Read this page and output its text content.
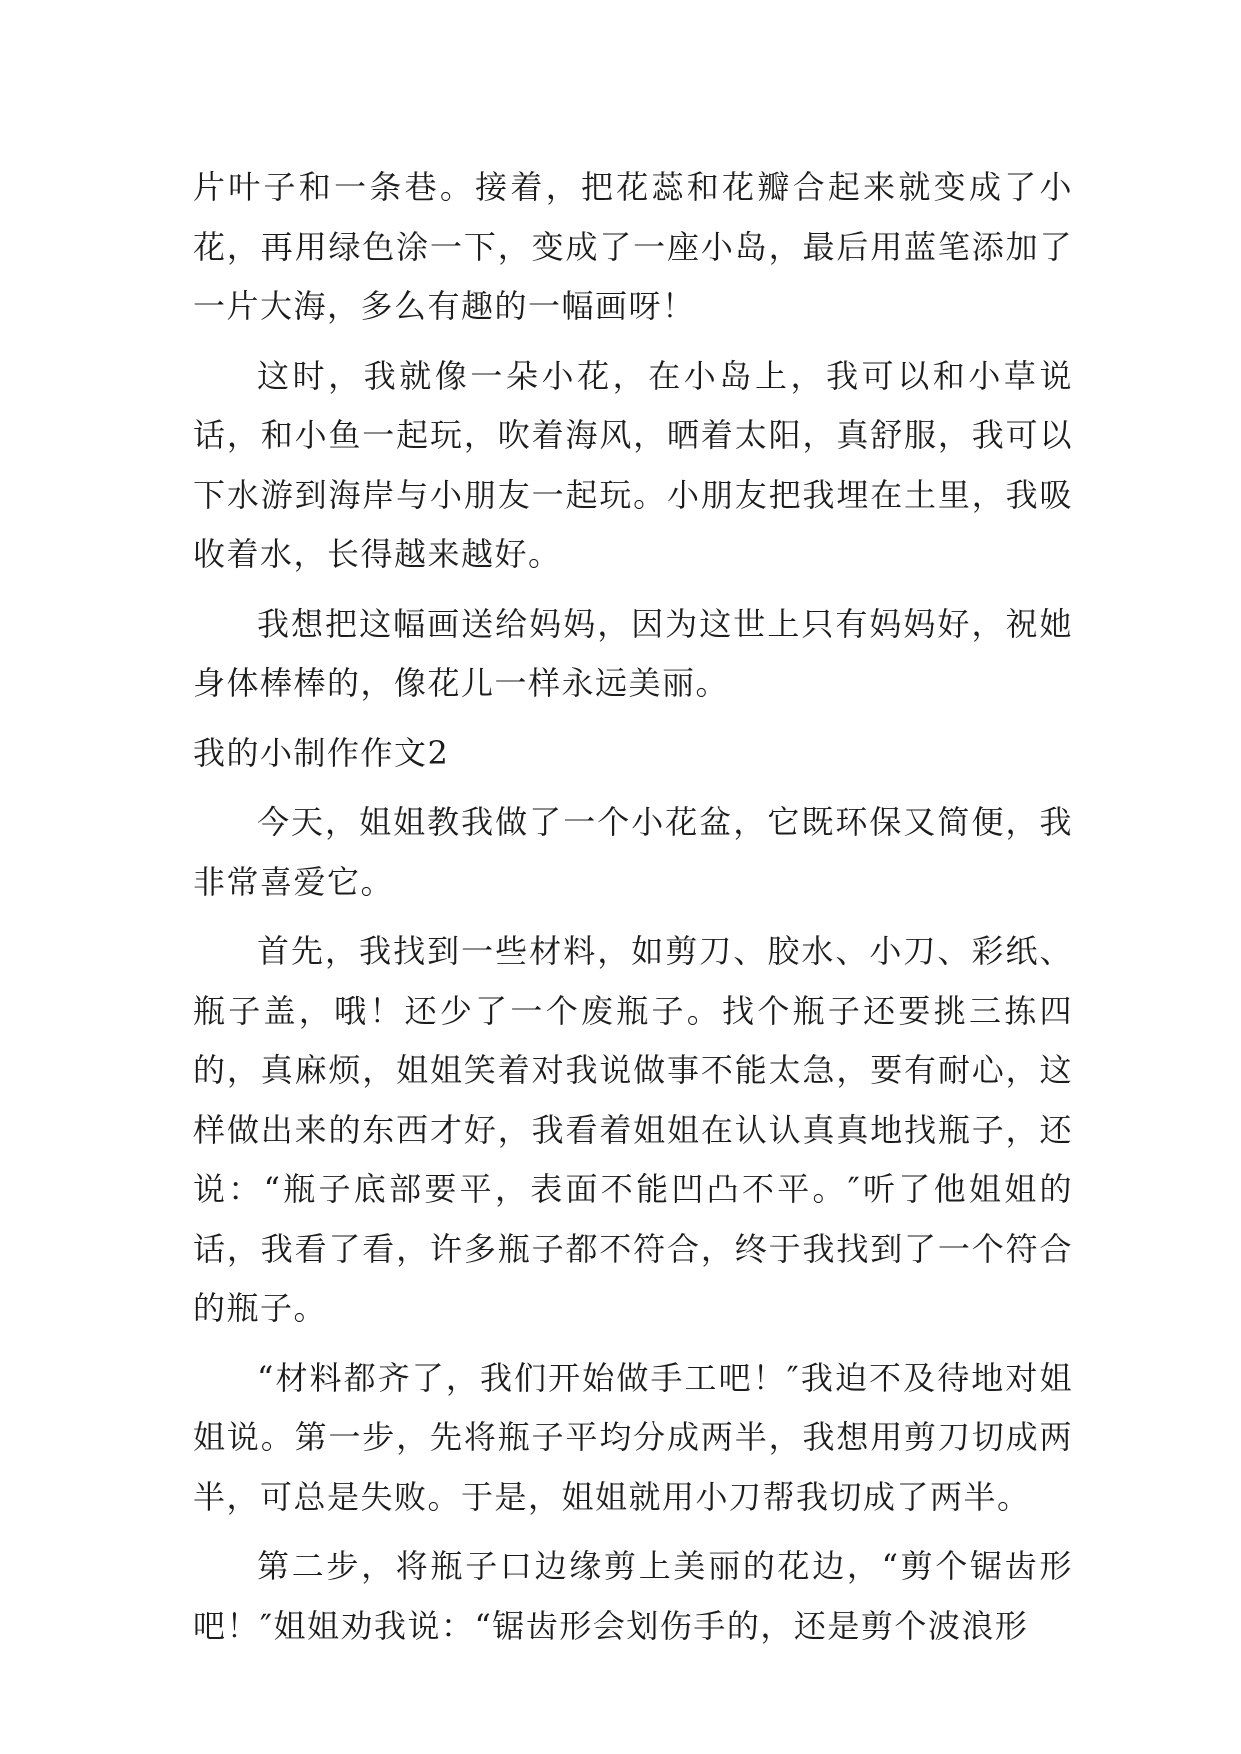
片叶子和一条巷。接着，把花蕊和花瓣合起来就变成了小花，再用绿色涂一下，变成了一座小岛，最后用蓝笔添加了一片大海，多么有趣的一幅画呀！

这时，我就像一朵小花，在小岛上，我可以和小草说话，和小鱼一起玩，吹着海风，晒着太阳，真舒服，我可以下水游到海岸与小朋友一起玩。小朋友把我埋在土里，我吸收着水，长得越来越好。

我想把这幅画送给妈妈，因为这世上只有妈妈好，祝她身体棒棒的，像花儿一样永远美丽。

我的小制作作文2

今天，姐姐教我做了一个小花盆，它既环保又简便，我非常喜爱它。

首先，我找到一些材料，如剪刀、胶水、小刀、彩纸、瓶子盖，哦！还少了一个废瓶子。找个瓶子还要挑三拣四的，真麻烦，姐姐笑着对我说做事不能太急，要有耐心，这样做出来的东西才好，我看着姐姐在认认真真地找瓶子，还说：“瓶子底部要平，表面不能凹凸不平。″听了他姐姐的话，我看了看，许多瓶子都不符合，终于我找到了一个符合的瓶子。

“材料都齐了，我们开始做手工吧！″我迫不及待地对姐姐说。第一步，先将瓶子平均分成两半，我想用剪刀切成两半，可总是失败。于是，姐姐就用小刀帮我切成了两半。

第二步，将瓶子口边缘剪上美丽的花边，“剪个锯齿形吧！″姐姐劝我说：“锯齿形会划伤手的，还是剪个波浪形
